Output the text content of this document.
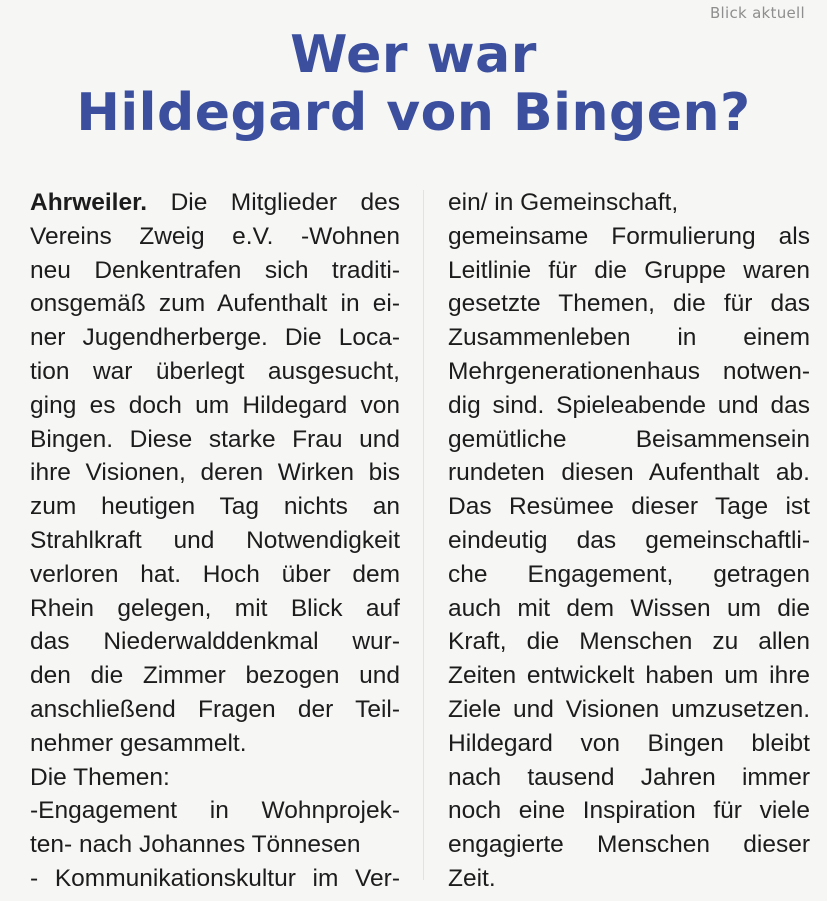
Blick aktuell
Wer war
Hildegard von Bingen?
Ahrweiler. Die Mitglieder des
Vereins Zweig e.V. -Wohnen
neu Denkentrafen sich traditi-
onsgemäß zum Aufenthalt in ei-
ner Jugendherberge. Die Loca-
tion war überlegt ausgesucht,
ging es doch um Hildegard von
Bingen. Diese starke Frau und
ihre Visionen, deren Wirken bis
zum heutigen Tag nichts an
Strahlkraft und Notwendigkeit
verloren hat. Hoch über dem
Rhein gelegen, mit Blick auf
das Niederwalddenkmal wur-
den die Zimmer bezogen und
anschließend Fragen der Teil-
nehmer gesammelt.
Die Themen:
-Engagement in Wohnprojek-
ten- nach Johannes Tönnesen
- Kommunikationskultur im Ver-
ein/ in Gemeinschaft,
gemeinsame Formulierung als
Leitlinie für die Gruppe waren
gesetzte Themen, die für das
Zusammenleben in einem
Mehrgenerationenhaus notwen-
dig sind. Spieleabende und das
gemütliche Beisammensein
rundeten diesen Aufenthalt ab.
Das Resümee dieser Tage ist
eindeutig das gemeinschaftli-
che Engagement, getragen
auch mit dem Wissen um die
Kraft, die Menschen zu allen
Zeiten entwickelt haben um ihre
Ziele und Visionen umzusetzen.
Hildegard von Bingen bleibt
nach tausend Jahren immer
noch eine Inspiration für viele
engagierte Menschen dieser
Zeit.
